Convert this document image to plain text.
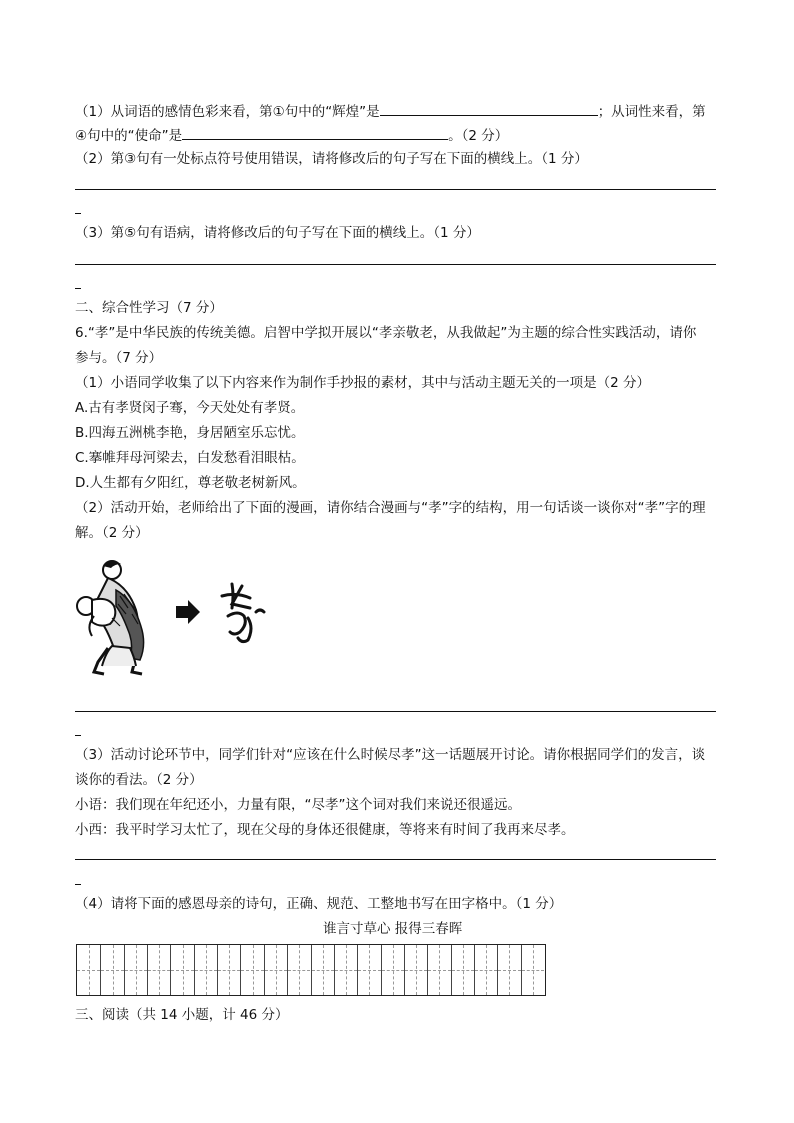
（1）从词语的感情色彩来看，第①句中的“辉煌”是	；从词性来看，第
④句中的“使命”是	。（2 分）
（2）第③句有一处标点符号使用错误，请将修改后的句子写在下面的横线上。（1 分）
（3）第⑤句有语病，请将修改后的句子写在下面的横线上。（1 分）
二、综合性学习（7 分）
6.“孝”是中华民族的传统美德。启智中学拟开展以“孝亲敬老，从我做起”为主题的综合性实践活动，请你
参与。（7 分）
（1）小语同学收集了以下内容来作为制作手抄报的素材，其中与活动主题无关的一项是（2 分）
A.古有孝贤闵子骞，今天处处有孝贤。
B.四海五洲桃李艳，身居陋室乐忘忧。
C.搴帷拜母河梁去，白发愁看泪眼枯。
D.人生都有夕阳红，尊老敬老树新风。
（2）活动开始，老师给出了下面的漫画，请你结合漫画与“孝”字的结构，用一句话谈一谈你对“孝”字的理
解。（2 分）
（3）活动讨论环节中，同学们针对“应该在什么时候尽孝”这一话题展开讨论。请你根据同学们的发言，谈
谈你的看法。（2 分）
小语：我们现在年纪还小，力量有限，“尽孝”这个词对我们来说还很遥远。
小西：我平时学习太忙了，现在父母的身体还很健康，等将来有时间了我再来尽孝。
（4）请将下面的感恩母亲的诗句，正确、规范、工整地书写在田字格中。（1 分）
谁言寸草心 报得三春晖
三、阅读（共 14 小题，计 46 分）
